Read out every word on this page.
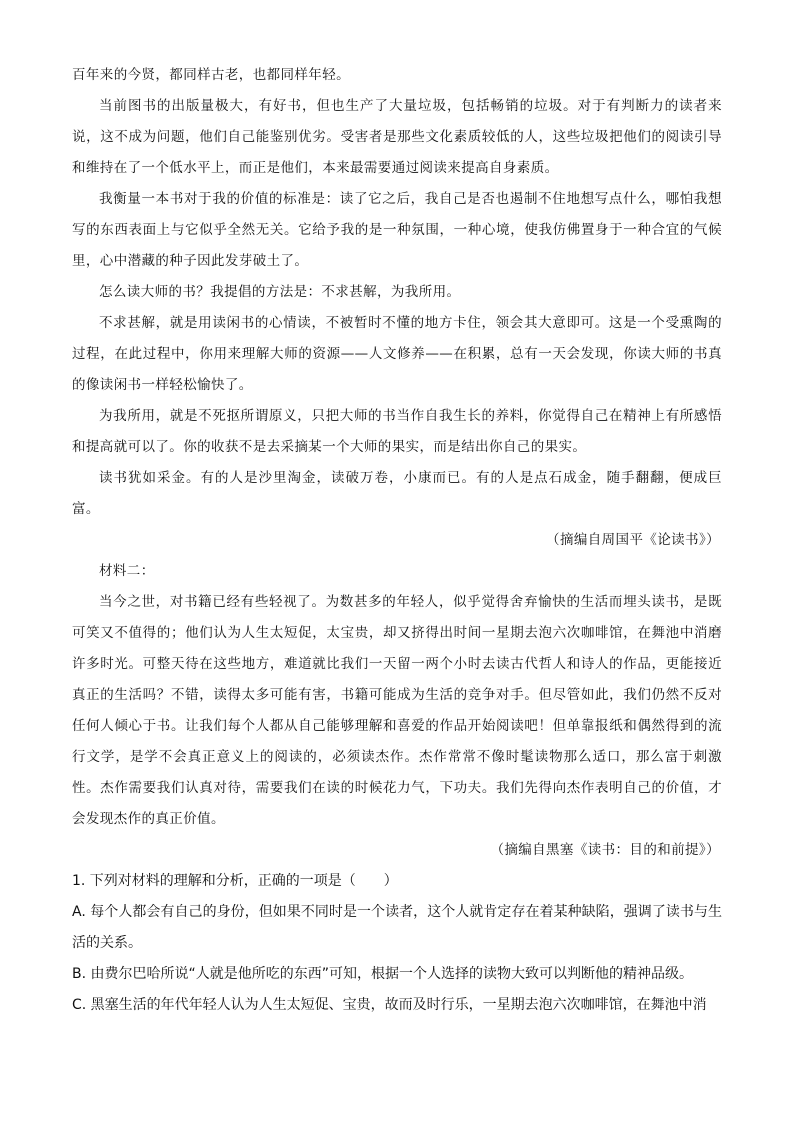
百年来的今贤，都同样古老，也都同样年轻。

当前图书的出版量极大，有好书，但也生产了大量垃圾，包括畅销的垃圾。对于有判断力的读者来说，这不成为问题，他们自己能鉴别优劣。受害者是那些文化素质较低的人，这些垃圾把他们的阅读引导和维持在了一个低水平上，而正是他们，本来最需要通过阅读来提高自身素质。

我衡量一本书对于我的价值的标准是：读了它之后，我自己是否也遏制不住地想写点什么，哪怕我想写的东西表面上与它似乎全然无关。它给予我的是一种氛围，一种心境，使我仿佛置身于一种合宜的气候里，心中潜藏的种子因此发芽破土了。

怎么读大师的书？我提倡的方法是：不求甚解，为我所用。

不求甚解，就是用读闲书的心情读，不被暂时不懂的地方卡住，领会其大意即可。这是一个受熏陶的过程，在此过程中，你用来理解大师的资源——人文修养——在积累，总有一天会发现，你读大师的书真的像读闲书一样轻松愉快了。

为我所用，就是不死抠所谓原义，只把大师的书当作自我生长的养料，你觉得自己在精神上有所感悟和提高就可以了。你的收获不是去采摘某一个大师的果实，而是结出你自己的果实。

读书犹如采金。有的人是沙里淘金，读破万卷，小康而已。有的人是点石成金，随手翻翻，便成巨富。

（摘编自周国平《论读书》）

材料二：

当今之世，对书籍已经有些轻视了。为数甚多的年轻人，似乎觉得舍弃愉快的生活而埋头读书，是既可笑又不值得的；他们认为人生太短促，太宝贵，却又挤得出时间一星期去泡六次咖啡馆，在舞池中消磨许多时光。可整天待在这些地方，难道就比我们一天留一两个小时去读古代哲人和诗人的作品，更能接近真正的生活吗？不错，读得太多可能有害，书籍可能成为生活的竞争对手。但尽管如此，我们仍然不反对任何人倾心于书。让我们每个人都从自己能够理解和喜爱的作品开始阅读吧！但单靠报纸和偶然得到的流行文学，是学不会真正意义上的阅读的，必须读杰作。杰作常常不像时髦读物那么适口，那么富于刺激性。杰作需要我们认真对待，需要我们在读的时候花力气，下功夫。我们先得向杰作表明自己的价值，才会发现杰作的真正价值。

（摘编自黑塞《读书：目的和前提》）

1. 下列对材料的理解和分析，正确的一项是（　　）

A. 每个人都会有自己的身份，但如果不同时是一个读者，这个人就肯定存在着某种缺陷，强调了读书与生活的关系。

B. 由费尔巴哈所说“人就是他所吃的东西”可知，根据一个人选择的读物大致可以判断他的精神品级。

C. 黑塞生活的年代年轻人认为人生太短促、宝贵，故而及时行乐，一星期去泡六次咖啡馆，在舞池中消
